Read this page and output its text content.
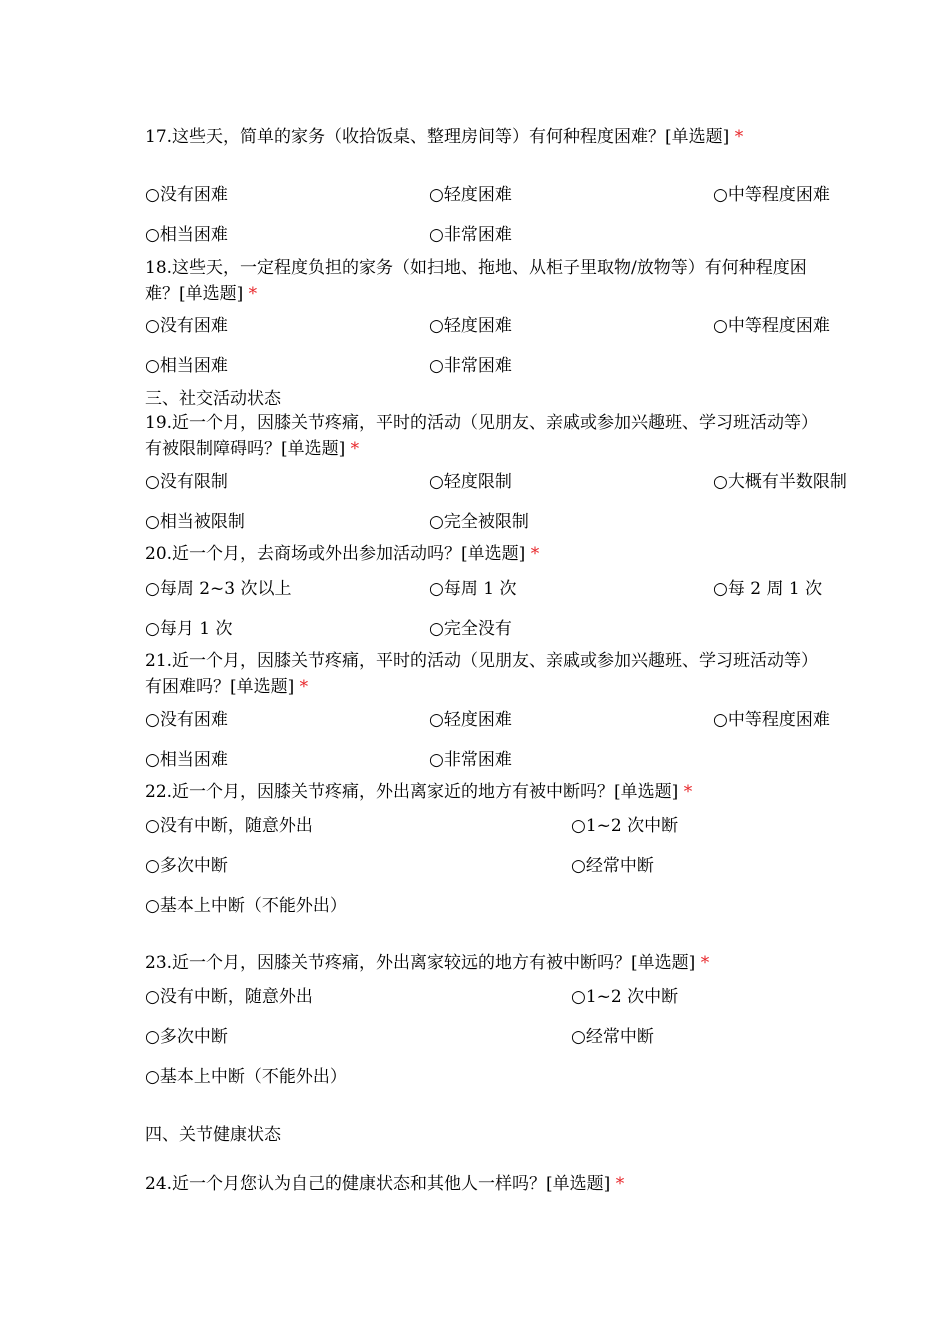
17.这些天，简单的家务（收拾饭桌、整理房间等）有何种程度困难？[单选题] *
○没有困难	○轻度困难	○中等程度困难
○相当困难	○非常困难
18.这些天，一定程度负担的家务（如扫地、拖地、从柜子里取物/放物等）有何种程度困难？[单选题] *
○没有困难	○轻度困难	○中等程度困难
○相当困难	○非常困难
三、社交活动状态
19.近一个月，因膝关节疼痛，平时的活动（见朋友、亲戚或参加兴趣班、学习班活动等）有被限制障碍吗？[单选题] *
○没有限制	○轻度限制	○大概有半数限制
○相当被限制	○完全被限制
20.近一个月，去商场或外出参加活动吗？[单选题] *
○每周 2~3 次以上	○每周 1 次	○每 2 周 1 次
○每月 1 次	○完全没有
21.近一个月，因膝关节疼痛，平时的活动（见朋友、亲戚或参加兴趣班、学习班活动等）有困难吗？[单选题] *
○没有困难	○轻度困难	○中等程度困难
○相当困难	○非常困难
22.近一个月，因膝关节疼痛，外出离家近的地方有被中断吗？[单选题] *
○没有中断，随意外出	○1~2 次中断
○多次中断	○经常中断
○基本上中断（不能外出）
23.近一个月，因膝关节疼痛，外出离家较远的地方有被中断吗？[单选题] *
○没有中断，随意外出	○1~2 次中断
○多次中断	○经常中断
○基本上中断（不能外出）
四、关节健康状态
24.近一个月您认为自己的健康状态和其他人一样吗？[单选题] *
